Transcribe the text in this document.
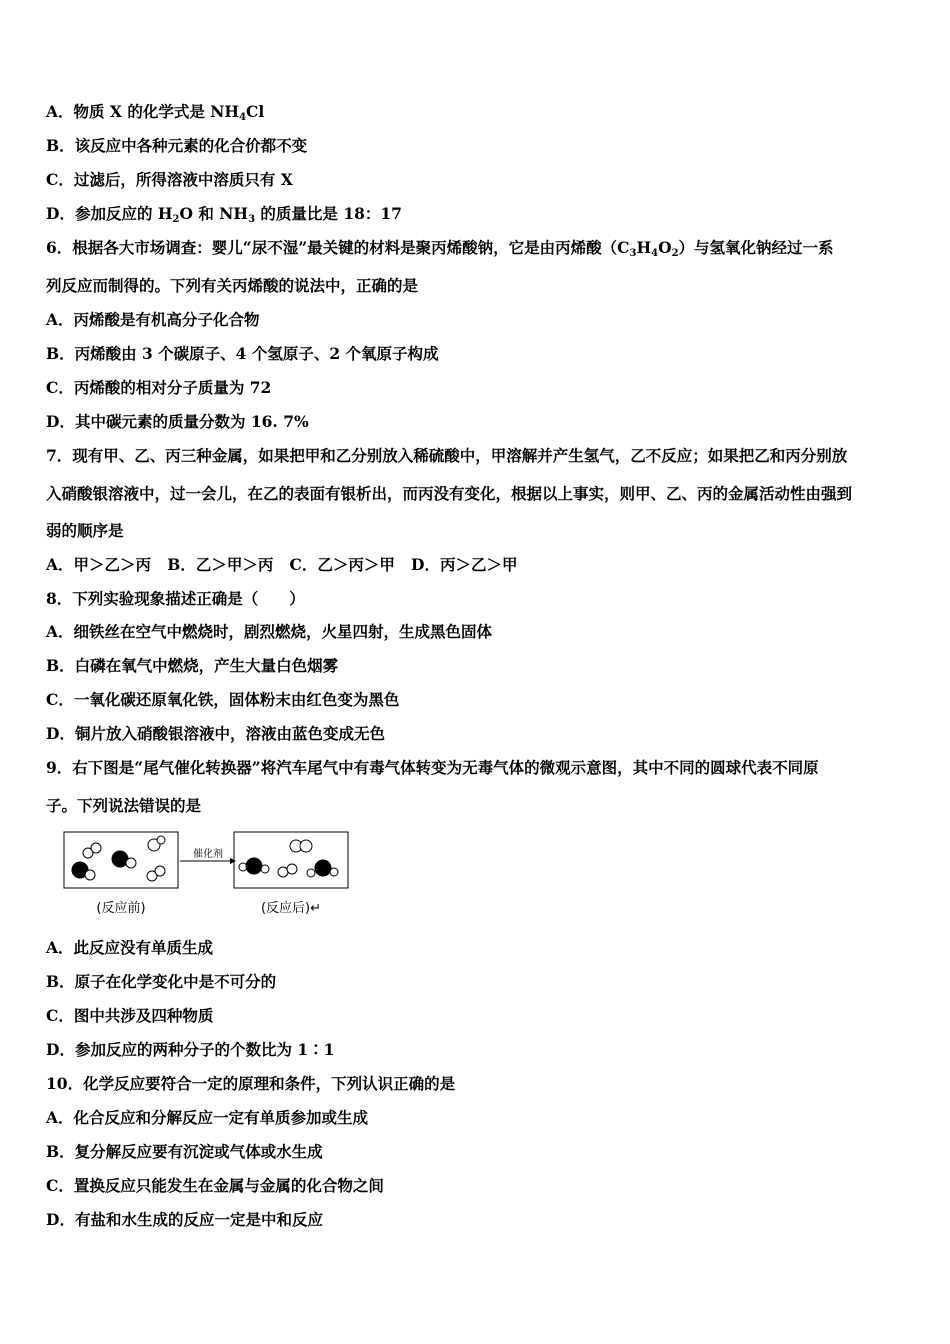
A．物质 X 的化学式是 $NH_4Cl$
B．该反应中各种元素的化合价都不变
C．过滤后，所得溶液中溶质只有 X
D．参加反应的 $H_2O$ 和 $NH_3$ 的质量比是 18：17
6．根据各大市场调查：婴儿“尿不湿”最关键的材料是聚丙烯酸钠，它是由丙烯酸$(C_3H_4O_2)$与氢氧化钠经过一系
列反应而制得的。下列有关丙烯酸的说法中，正确的是
A．丙烯酸是有机高分子化合物
B．丙烯酸由 3 个碳原子、4 个氢原子、2 个氧原子构成
C．丙烯酸的相对分子质量为 72
D．其中碳元素的质量分数为 16. 7%
7．现有甲、乙、丙三种金属，如果把甲和乙分别放入稀硫酸中，甲溶解并产生氢气，乙不反应；如果把乙和丙分别放
入硝酸银溶液中，过一会儿，在乙的表面有银析出，而丙没有变化，根据以上事实，则甲、乙、丙的金属活动性由强到
弱的顺序是
A．甲＞乙＞丙   B．乙＞甲＞丙   C．乙＞丙＞甲   D．丙＞乙＞甲
8．下列实验现象描述正确是（　　）
A．细铁丝在空气中燃烧时，剧烈燃烧，火星四射，生成黑色固体
B．白磷在氧气中燃烧，产生大量白色烟雾
C．一氧化碳还原氧化铁，固体粉末由红色变为黑色
D．铜片放入硝酸银溶液中，溶液由蓝色变成无色
9．右下图是“尾气催化转换器”将汽车尾气中有毒气体转变为无毒气体的微观示意图，其中不同的圆球代表不同原
子。下列说法错误的是
催化剂
(反应前)	(反应后)↵
A．此反应没有单质生成
B．原子在化学变化中是不可分的
C．图中共涉及四种物质
D．参加反应的两种分子的个数比为 1∶1
10．化学反应要符合一定的原理和条件，下列认识正确的是
A．化合反应和分解反应一定有单质参加或生成
B．复分解反应要有沉淀或气体或水生成
C．置换反应只能发生在金属与金属的化合物之间
D．有盐和水生成的反应一定是中和反应
